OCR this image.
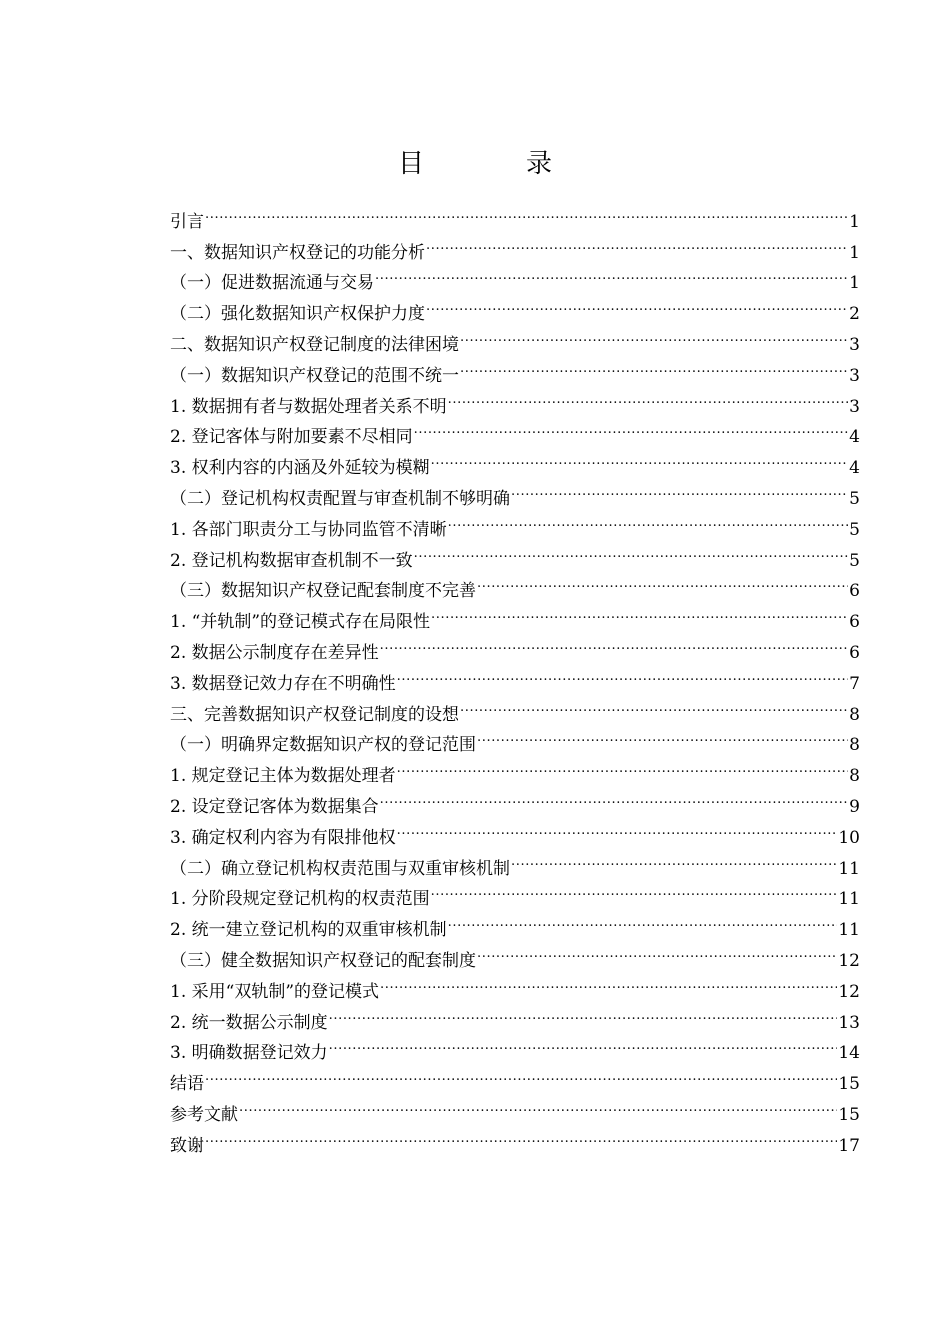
目　录
引言 .....	1
一、数据知识产权登记的功能分析 .....	1
（一）促进数据流通与交易 .....	1
（二）强化数据知识产权保护力度 .....	2
二、数据知识产权登记制度的法律困境 .....	3
（一）数据知识产权登记的范围不统一 .....	3
1. 数据拥有者与数据处理者关系不明 .....	3
2. 登记客体与附加要素不尽相同 .....	4
3. 权利内容的内涵及外延较为模糊 .....	4
（二）登记机构权责配置与审查机制不够明确 .....	5
1. 各部门职责分工与协同监管不清晰 .....	5
2. 登记机构数据审查机制不一致 .....	5
（三）数据知识产权登记配套制度不完善 .....	6
1. “并轨制”的登记模式存在局限性 .....	6
2. 数据公示制度存在差异性 .....	6
3. 数据登记效力存在不明确性 .....	7
三、完善数据知识产权登记制度的设想 .....	8
（一）明确界定数据知识产权的登记范围 .....	8
1. 规定登记主体为数据处理者 .....	8
2. 设定登记客体为数据集合 .....	9
3. 确定权利内容为有限排他权 .....	10
（二）确立登记机构权责范围与双重审核机制 .....	11
1. 分阶段规定登记机构的权责范围 .....	11
2. 统一建立登记机构的双重审核机制 .....	11
（三）健全数据知识产权登记的配套制度 .....	12
1. 采用“双轨制”的登记模式 .....	12
2. 统一数据公示制度 .....	13
3. 明确数据登记效力 .....	14
结语 .....	15
参考文献 .....	15
致谢 .....	17
